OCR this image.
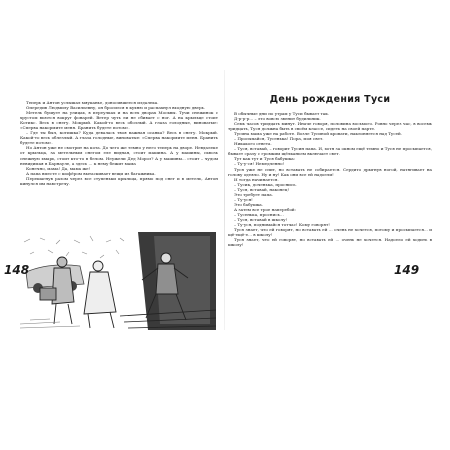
Теперь и Антон услышал мяуканье, доносившееся издалека.

Опередив Людмилу Васильевну, он бросился в кухню и распахнул входную дверь.

Метель бушует на улицах, в переулках и на всех дворах Москвы. Тучи снежинок с хрустом вьются вокруг фонарей. Ветер чуть ли не сбивает с ног. А на крыльце стоит Котикс. Весь в снегу. Мокрый. Какой-то весь обозлый. А глаза голодные, виноватые: «Сперва накормите меня. Бранить будете потом».

– Где ты был, котишка? Куда девалась твоя важная осанка? Весь в снегу. Мокрый. Какой-то весь облезлый. А глаза голодные, виноватые: «Сперва накормите меня. Бранить будете потом».

Но Антон уже не смотрит на кота. До чего же темно у него теперь на дворе. Невдалеке от крыльца, за метельным снегом еле видная, стоит машина. А у машины, сквозь снежную хмарь, стоит кто-то в белом. Неужели Дед Мороз? А у машины... стоит – чудом невидимая в Барнауле, а здесь ... к нему бежит мама

Конечно, мама! Да, мама же!

А папа вместе с шофёром вытаскивает вещи из багажника.

Перешагнув разом через все ступеньки крыльца, прямо под снег и в метель, Антон кинулся им навстречу.

День рождения Туси

В обычные дни по утрам у Туси бывает так.

Д-р-р-р... – это вовсю звенит будильник.

Семь часов тридцать минут. Иначе говоря, половина восьмого. Ровно через час, в восемь тридцать, Туся должна быть в своём классе, сидеть на своей парте.

Тусина мама уже на работе. Возле Тусиной кровати, наклоняется над Тусей.

– Просыпайся, Тусенька! Пора, моя свет.

Никакого ответа.

– Туся, вставай, – говорит Тусин папа. И, хотя за окном ещё темно и Туся не просыпается, бывает сразу с громким щёлканьем включает свет.

Тут как тут и Туся бабушка:

– Ту-у-ся! Немедленно!

Туся уже не спит, но вставать не собирается. Сердито дрыгнув ногой, натягивает на голову одеяло. Ну и ну! Как они все ей надоели!

И тогда начинается.

– Тусик, доченька, проснись.

– Туся, вставай, наконец!

Это требует папа.

– Ту-уся!

Это бабушка.

А затем все трое наперебой:

– Тусенька, проснись...

– Туся, вставай в школу!

– Ту-уся, поднимайся тотчас! Кому говорят!

Туся знает, что ей говорят, но вставать ей ... очень не хочется, потому и просыпается... и щё-ещё-е... в школу!

Туся знает, что ей говорят, но вставать ей ... очень не хочется. Надоело ей ходить в школу!

148	149
